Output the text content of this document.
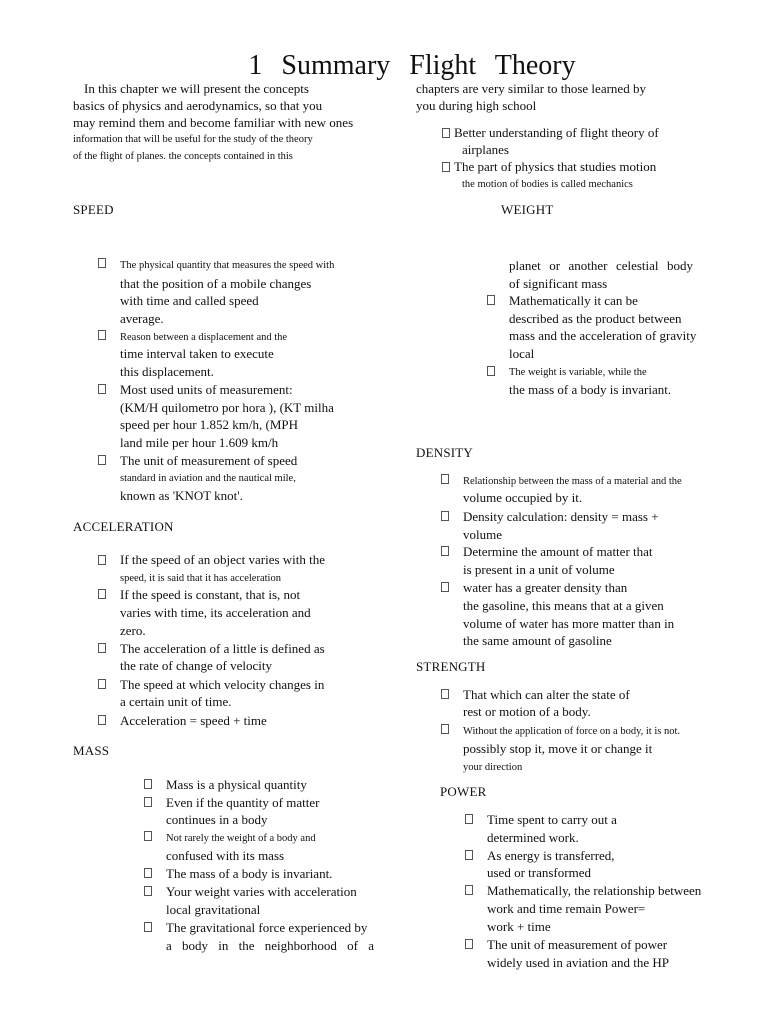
1 Summary Flight Theory
In this chapter we will present the concepts
basics of physics and aerodynamics, so that you
may remind them and become familiar with new ones
information that will be useful for the study of the theory
of the flight of planes. the concepts contained in this
chapters are very similar to those learned by
you during high school
Better understanding of flight theory of
airplanes
The part of physics that studies motion
the motion of bodies is called mechanics
SPEED
The physical quantity that measures the speed with
that the position of a mobile changes
with time and called speed
average.
Reason between a displacement and the
time interval taken to execute
this displacement.
Most used units of measurement:
(KM/H quilometro por hora ), (KT milha
speed per hour 1.852 km/h, (MPH
land mile per hour 1.609 km/h
The unit of measurement of speed
standard in aviation and the nautical mile,
known as 'KNOT knot'.
ACCELERATION
If the speed of an object varies with the
speed, it is said that it has acceleration
If the speed is constant, that is, not
varies with time, its acceleration and
zero.
The acceleration of a little is defined as
the rate of change of velocity
The speed at which velocity changes in
a certain unit of time.
Acceleration = speed + time
MASS
Mass is a physical quantity
Even if the quantity of matter
continues in a body
Not rarely the weight of a body and
confused with its mass
The mass of a body is invariant.
Your weight varies with acceleration
local gravitational
The gravitational force experienced by
a body in the neighborhood of a
WEIGHT
planet or another celestial body
of significant mass
Mathematically it can be
described as the product between
mass and the acceleration of gravity
local
The weight is variable, while the
the mass of a body is invariant.
DENSITY
Relationship between the mass of a material and the
volume occupied by it.
Density calculation: density = mass +
volume
Determine the amount of matter that
is present in a unit of volume
water has a greater density than
the gasoline, this means that at a given
volume of water has more matter than in
the same amount of gasoline
STRENGTH
That which can alter the state of
rest or motion of a body.
Without the application of force on a body, it is not.
possibly stop it, move it or change it
your direction
POWER
Time spent to carry out a
determined work.
As energy is transferred,
used or transformed
Mathematically, the relationship between
work and time remain Power=
work + time
The unit of measurement of power
widely used in aviation and the HP
